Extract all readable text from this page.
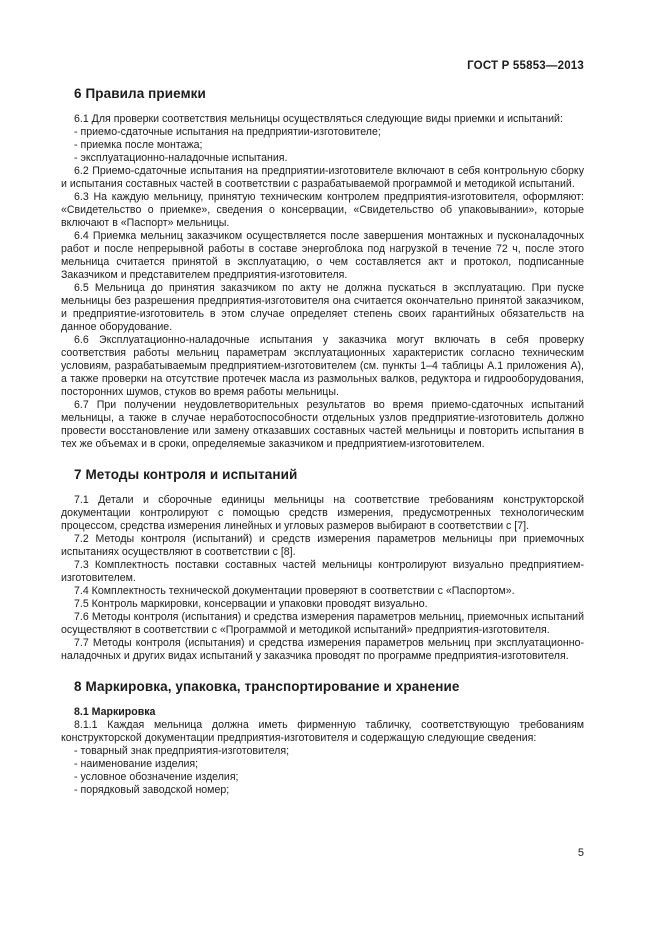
ГОСТ Р 55853—2013
6 Правила приемки

6.1 Для проверки соответствия мельницы осуществляться следующие виды приемки и испытаний:

- приемо-сдаточные испытания на предприятии-изготовителе;

- приемка после монтажа;

- эксплуатационно-наладочные испытания.

6.2 Приемо-сдаточные испытания на предприятии-изготовителе включают в себя контрольную сборку и испытания составных частей в соответствии с разрабатываемой программой и методикой испытаний.

6.3 На каждую мельницу, принятую техническим контролем предприятия-изготовителя, оформляют: «Свидетельство о приемке», сведения о консервации, «Свидетельство об упаковывании», которые включают в «Паспорт» мельницы.

6.4 Приемка мельниц заказчиком осуществляется после завершения монтажных и пусконаладочных работ и после непрерывной работы в составе энергоблока под нагрузкой в течение 72 ч, после этого мельница считается принятой в эксплуатацию, о чем составляется акт и протокол, подписанные Заказчиком и представителем предприятия-изготовителя.

6.5 Мельница до принятия заказчиком по акту не должна пускаться в эксплуатацию. При пуске мельницы без разрешения предприятия-изготовителя она считается окончательно принятой заказчиком, и предприятие-изготовитель в этом случае определяет степень своих гарантийных обязательств на данное оборудование.

6.6 Эксплуатационно-наладочные испытания у заказчика могут включать в себя проверку соответствия работы мельниц параметрам эксплуатационных характеристик согласно техническим условиям, разрабатываемым предприятием-изготовителем (см. пункты 1–4 таблицы А.1 приложения А), а также проверки на отсутствие протечек масла из размольных валков, редуктора и гидрооборудования, посторонних шумов, стуков во время работы мельницы.

6.7 При получении неудовлетворительных результатов во время приемо-сдаточных испытаний мельницы, а также в случае неработоспособности отдельных узлов предприятие-изготовитель должно провести восстановление или замену отказавших составных частей мельницы и повторить испытания в тех же объемах и в сроки, определяемые заказчиком и предприятием-изготовителем.

7 Методы контроля и испытаний

7.1 Детали и сборочные единицы мельницы на соответствие требованиям конструкторской документации контролируют с помощью средств измерения, предусмотренных технологическим процессом, средства измерения линейных и угловых размеров выбирают в соответствии с [7].

7.2 Методы контроля (испытаний) и средств измерения параметров мельницы при приемочных испытаниях осуществляют в соответствии с [8].

7.3 Комплектность поставки составных частей мельницы контролируют визуально предприятием-изготовителем.

7.4 Комплектность технической документации проверяют в соответствии с «Паспортом».

7.5 Контроль маркировки, консервации и упаковки проводят визуально.

7.6 Методы контроля (испытания) и средства измерения параметров мельниц, приемочных испытаний осуществляют в соответствии с «Программой и методикой испытаний» предприятия-изготовителя.

7.7 Методы контроля (испытания) и средства измерения параметров мельниц при эксплуатационно-наладочных и других видах испытаний у заказчика проводят по программе предприятия-изготовителя.

8 Маркировка, упаковка, транспортирование и хранение

8.1 Маркировка

8.1.1 Каждая мельница должна иметь фирменную табличку, соответствующую требованиям конструкторской документации предприятия-изготовителя и содержащую следующие сведения:

- товарный знак предприятия-изготовителя;

- наименование изделия;

- условное обозначение изделия;

- порядковый заводской номер;

5
